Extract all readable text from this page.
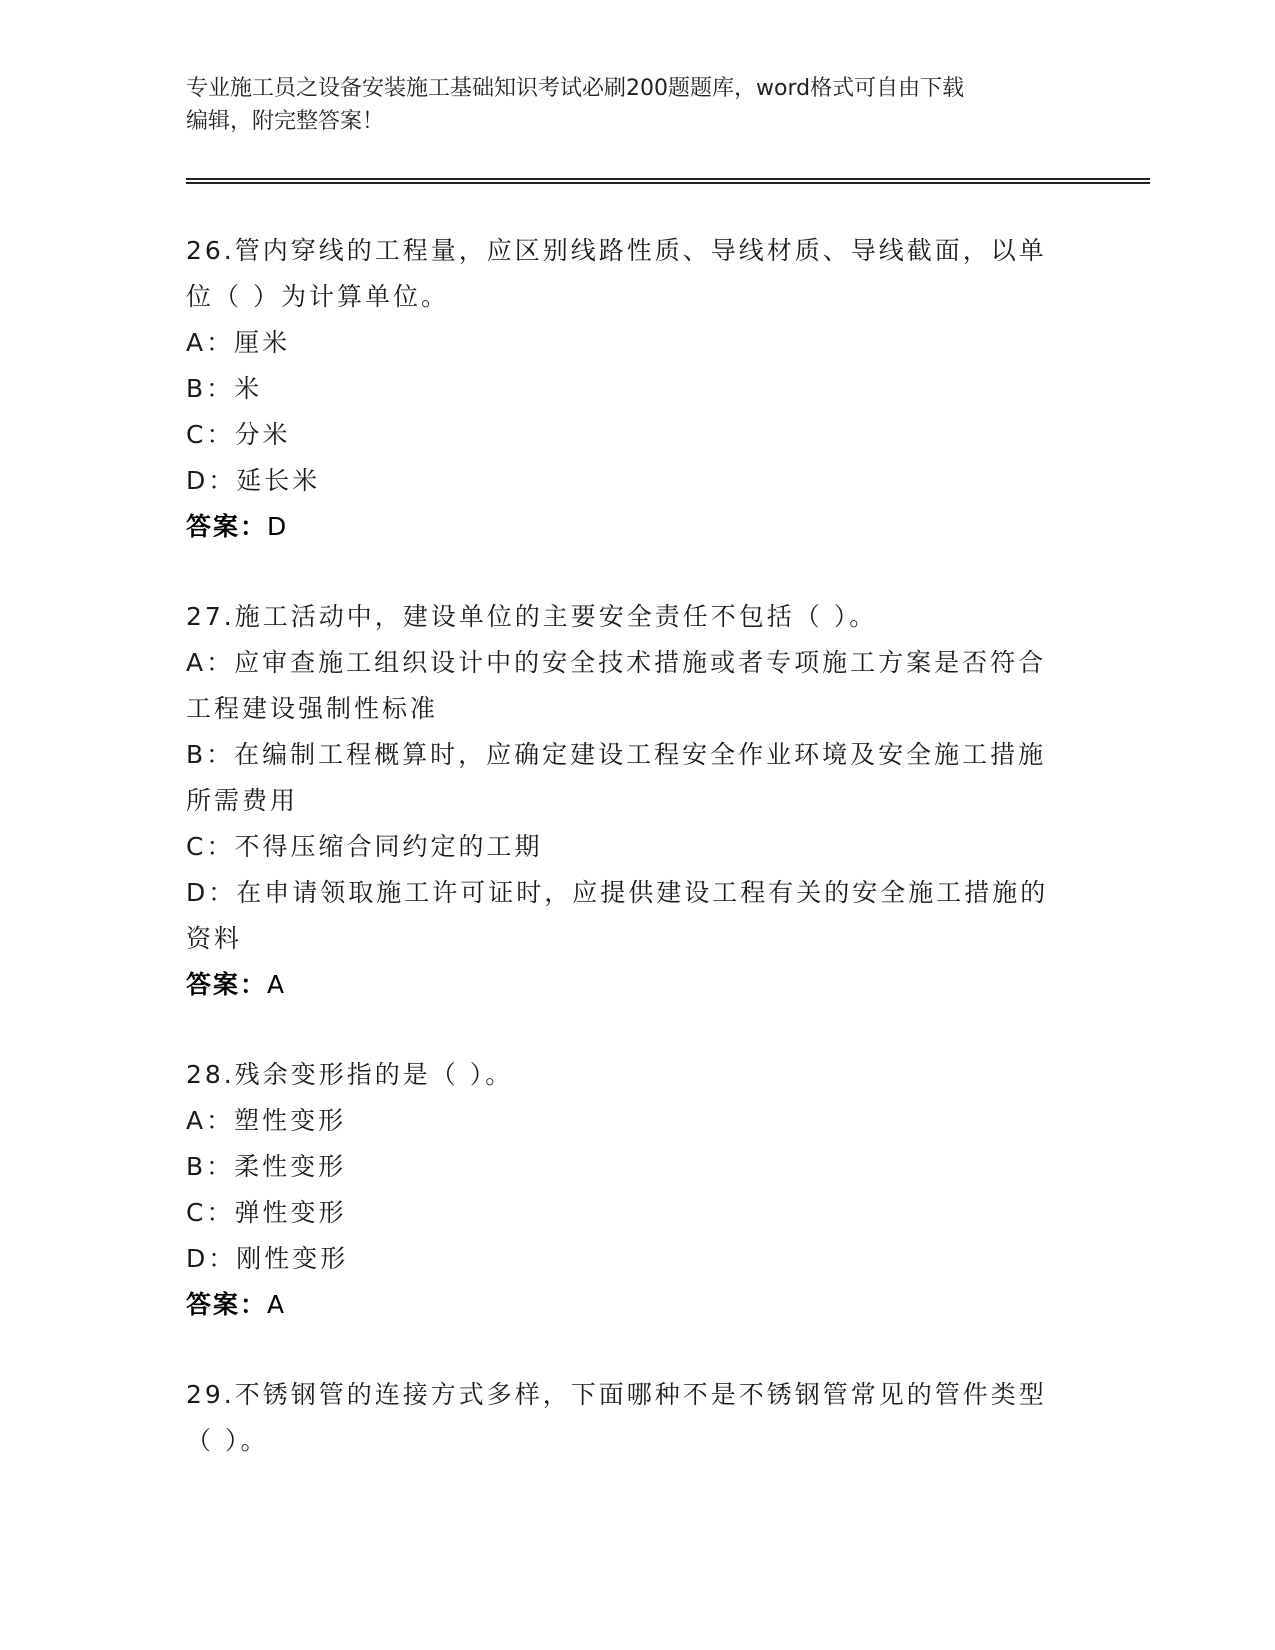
专业施工员之设备安装施工基础知识考试必刷200题题库，word格式可自由下载
编辑，附完整答案！
26.管内穿线的工程量，应区别线路性质、导线材质、导线截面，以单
位（ ）为计算单位。
A：厘米
B：米
C：分米
D：延长米
答案：D
27.施工活动中，建设单位的主要安全责任不包括（ ）。
A：应审查施工组织设计中的安全技术措施或者专项施工方案是否符合
工程建设强制性标准
B：在编制工程概算时，应确定建设工程安全作业环境及安全施工措施
所需费用
C：不得压缩合同约定的工期
D：在申请领取施工许可证时，应提供建设工程有关的安全施工措施的
资料
答案：A
28.残余变形指的是（ ）。
A：塑性变形
B：柔性变形
C：弹性变形
D：刚性变形
答案：A
29.不锈钢管的连接方式多样，下面哪种不是不锈钢管常见的管件类型
（ ）。
